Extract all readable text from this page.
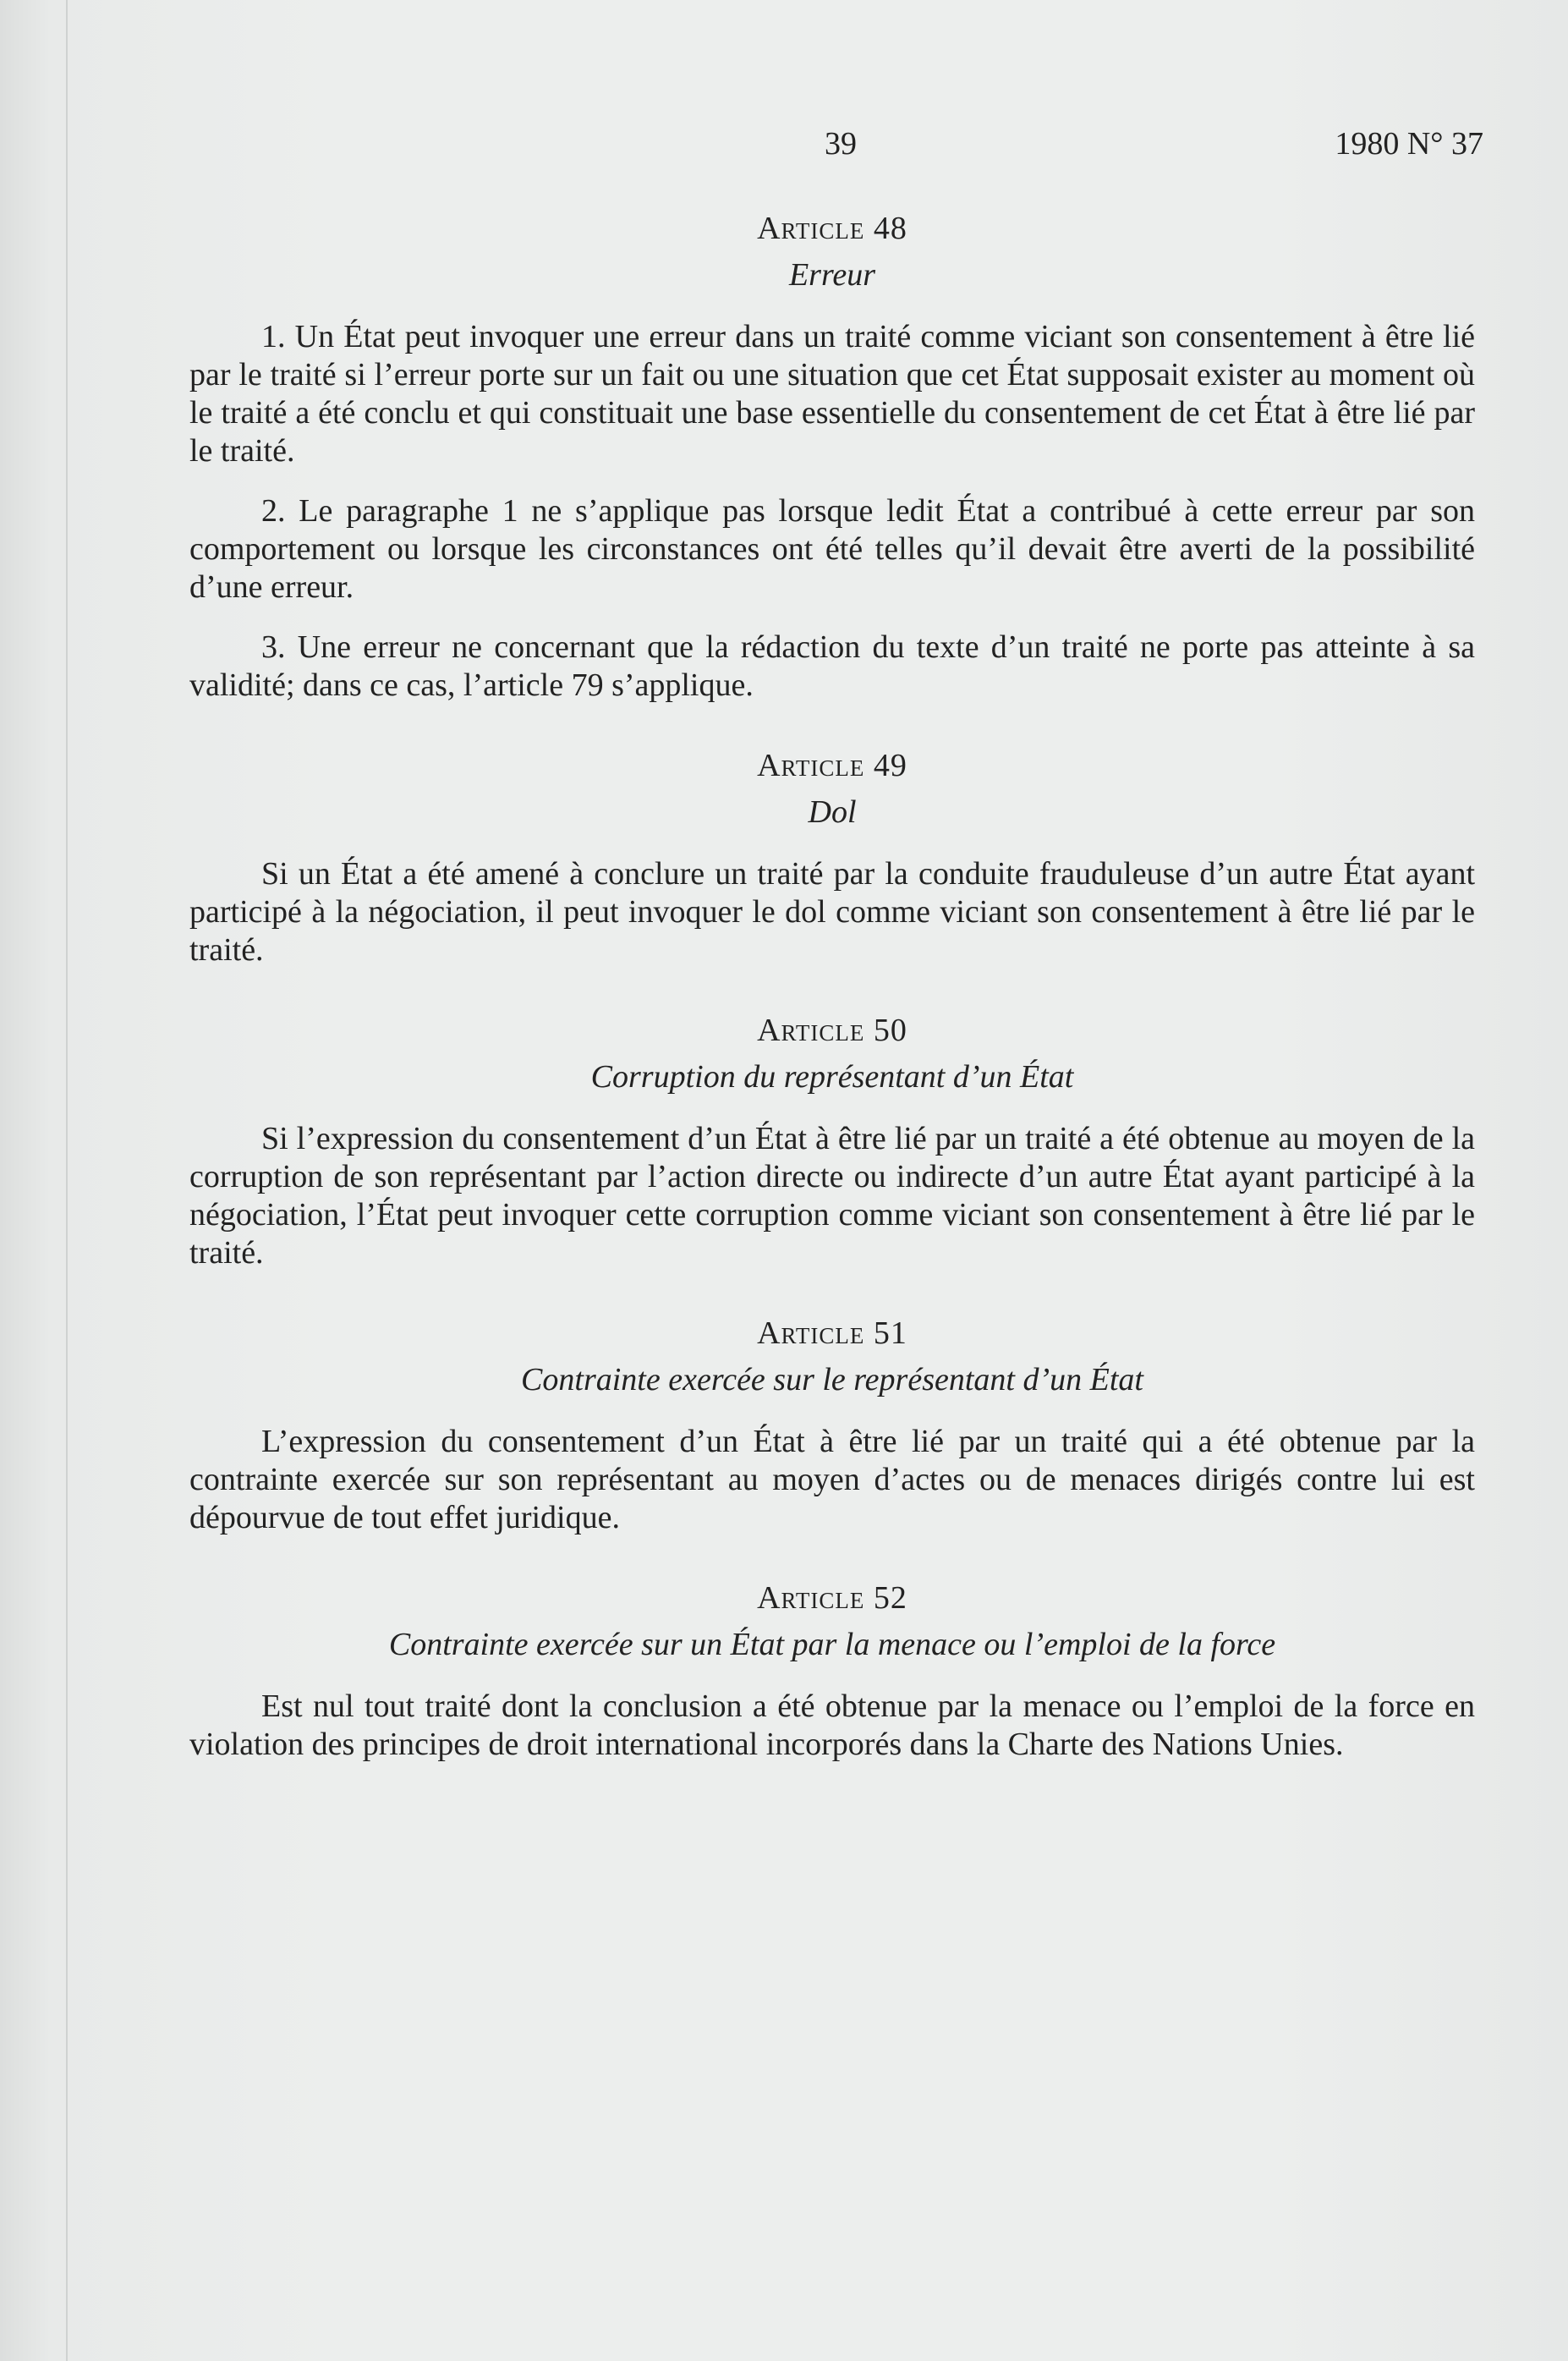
39	1980 N° 37
Article 48
Erreur

1. Un État peut invoquer une erreur dans un traité comme viciant son consentement à être lié par le traité si l’erreur porte sur un fait ou une situation que cet État supposait exister au moment où le traité a été conclu et qui constituait une base essentielle du consentement de cet État à être lié par le traité.

2. Le paragraphe 1 ne s’applique pas lorsque ledit État a contribué à cette erreur par son comportement ou lorsque les circonstances ont été telles qu’il devait être averti de la possibilité d’une erreur.

3. Une erreur ne concernant que la rédaction du texte d’un traité ne porte pas atteinte à sa validité; dans ce cas, l’article 79 s’applique.

Article 49
Dol

Si un État a été amené à conclure un traité par la conduite frauduleuse d’un autre État ayant participé à la négociation, il peut invoquer le dol comme viciant son consentement à être lié par le traité.

Article 50
Corruption du représentant d’un État

Si l’expression du consentement d’un État à être lié par un traité a été obtenue au moyen de la corruption de son représentant par l’action directe ou indirecte d’un autre État ayant participé à la négociation, l’État peut invoquer cette corruption comme viciant son consentement à être lié par le traité.

Article 51
Contrainte exercée sur le représentant d’un État

L’expression du consentement d’un État à être lié par un traité qui a été obtenue par la contrainte exercée sur son représentant au moyen d’actes ou de menaces dirigés contre lui est dépourvue de tout effet juridique.

Article 52
Contrainte exercée sur un État par la menace ou l’emploi de la force

Est nul tout traité dont la conclusion a été obtenue par la menace ou l’emploi de la force en violation des principes de droit international incorporés dans la Charte des Nations Unies.
